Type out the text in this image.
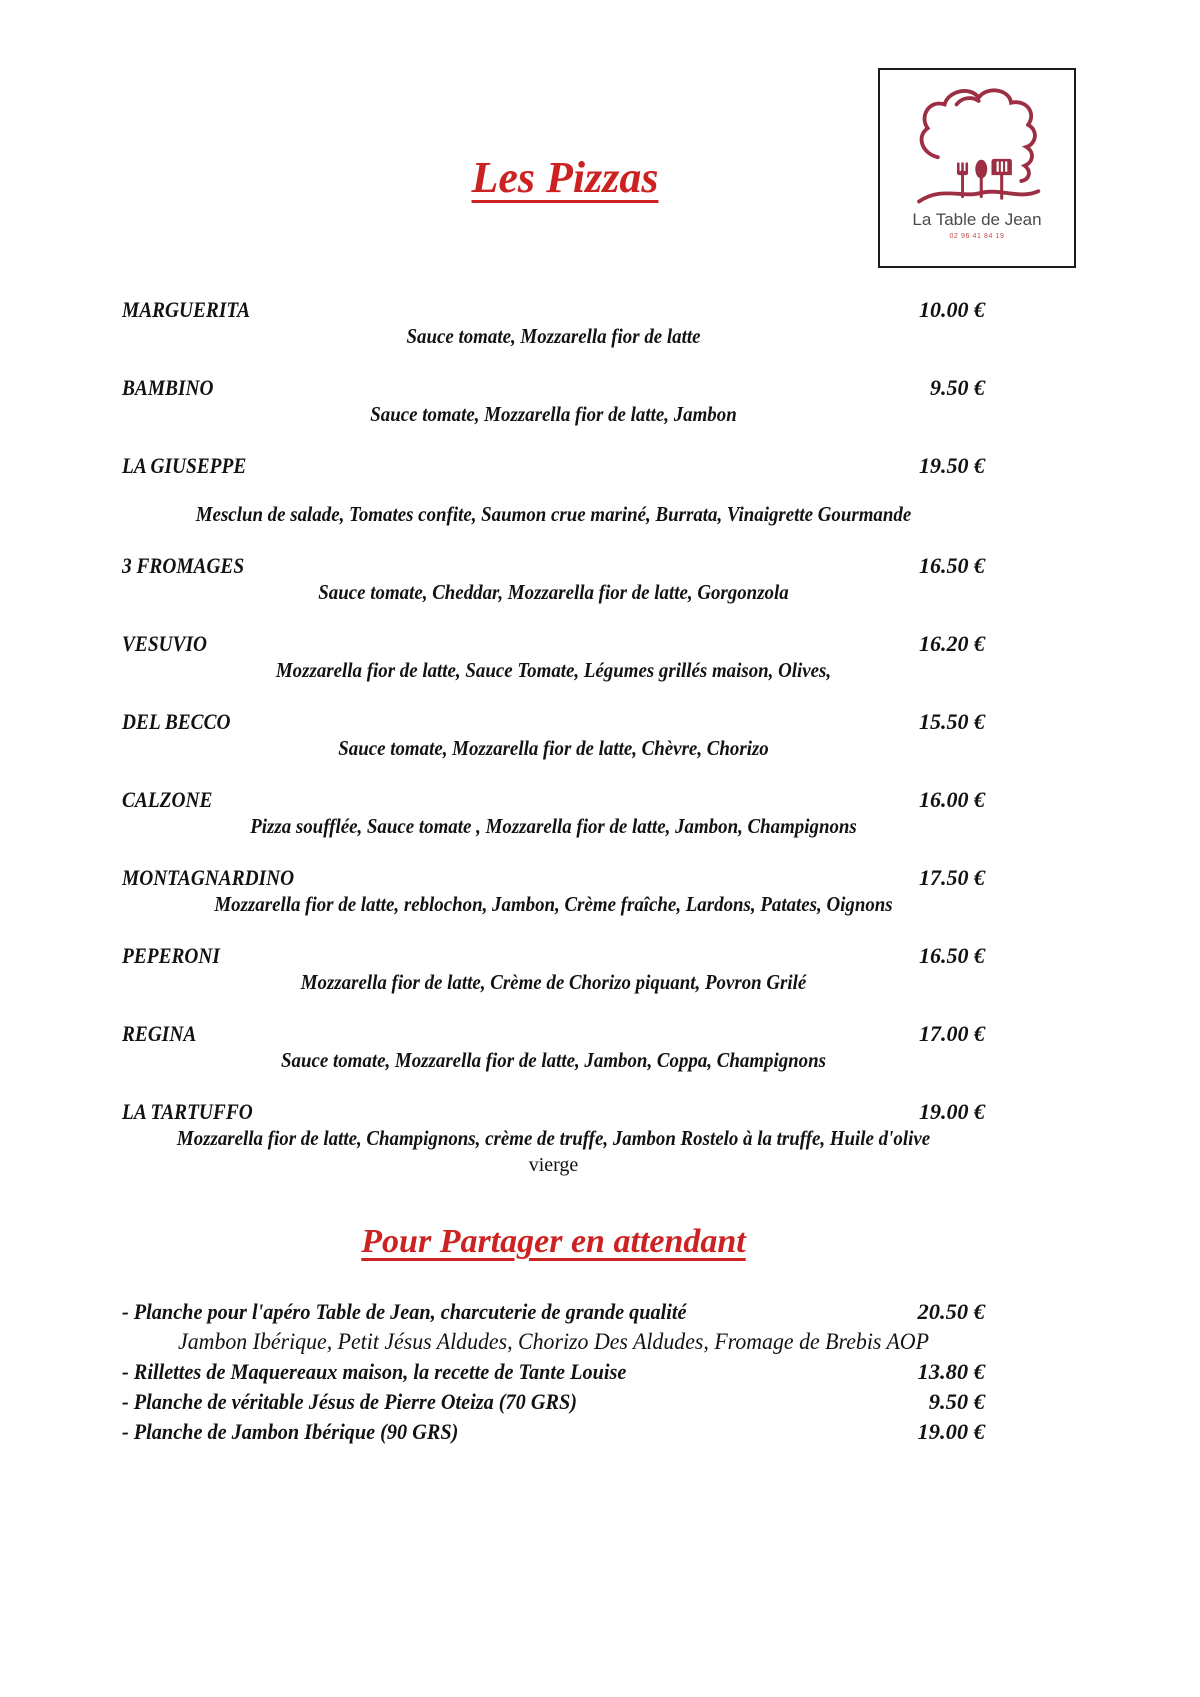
La Table de Jean
02 96 41 84 19
Les Pizzas
MARGUERITA	10.00 €
Sauce tomate, Mozzarella fior de latte
BAMBINO	9.50 €
Sauce tomate, Mozzarella fior de latte, Jambon
LA GIUSEPPE	19.50 €
Mesclun de salade, Tomates confite, Saumon crue mariné, Burrata, Vinaigrette Gourmande
3 FROMAGES	16.50 €
Sauce tomate, Cheddar, Mozzarella fior de latte, Gorgonzola
VESUVIO	16.20 €
Mozzarella fior de latte, Sauce Tomate, Légumes grillés maison, Olives,
DEL BECCO	15.50 €
Sauce tomate, Mozzarella fior de latte, Chèvre, Chorizo
CALZONE	16.00 €
Pizza soufflée, Sauce tomate , Mozzarella fior de latte, Jambon, Champignons
MONTAGNARDINO	17.50 €
Mozzarella fior de latte, reblochon, Jambon, Crème fraîche, Lardons, Patates, Oignons
PEPERONI	16.50 €
Mozzarella fior de latte, Crème de Chorizo piquant, Povron Grilé
REGINA	17.00 €
Sauce tomate, Mozzarella fior de latte, Jambon, Coppa, Champignons
LA TARTUFFO	19.00 €
Mozzarella fior de latte, Champignons, crème de truffe, Jambon Rostelo à la truffe, Huile d'olive
vierge
Pour Partager en attendant
- Planche pour l'apéro Table de Jean, charcuterie de grande qualité	20.50 €
Jambon Ibérique, Petit Jésus Aldudes, Chorizo Des Aldudes, Fromage de Brebis AOP
- Rillettes de Maquereaux maison, la recette de Tante Louise	13.80 €
- Planche de véritable Jésus de Pierre Oteiza (70 GRS)	9.50 €
- Planche de Jambon Ibérique (90 GRS)	19.00 €
